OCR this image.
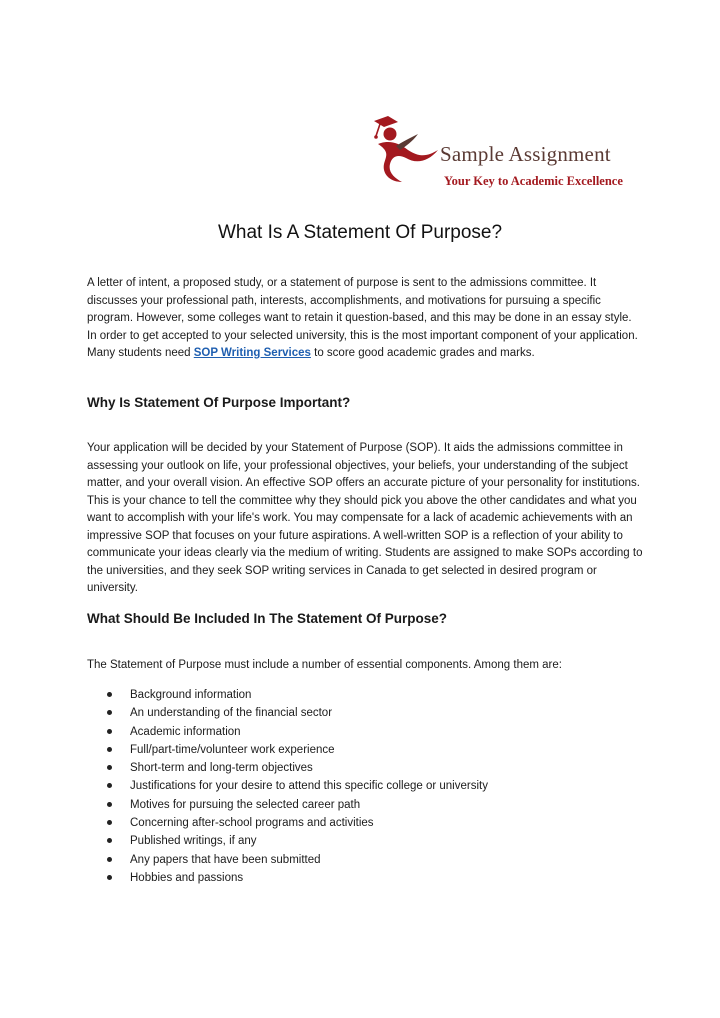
Sample Assignment
Your Key to Academic Excellence
What Is A Statement Of Purpose?

A letter of intent, a proposed study, or a statement of purpose is sent to the admissions committee. It discusses your professional path, interests, accomplishments, and motivations for pursuing a specific program. However, some colleges want to retain it question-based, and this may be done in an essay style. In order to get accepted to your selected university, this is the most important component of your application. Many students need SOP Writing Services to score good academic grades and marks.

Why Is Statement Of Purpose Important?

Your application will be decided by your Statement of Purpose (SOP). It aids the admissions committee in assessing your outlook on life, your professional objectives, your beliefs, your understanding of the subject matter, and your overall vision. An effective SOP offers an accurate picture of your personality for institutions. This is your chance to tell the committee why they should pick you above the other candidates and what you want to accomplish with your life's work. You may compensate for a lack of academic achievements with an impressive SOP that focuses on your future aspirations. A well-written SOP is a reflection of your ability to communicate your ideas clearly via the medium of writing. Students are assigned to make SOPs according to the universities, and they seek SOP writing services in Canada to get selected in desired program or university.

What Should Be Included In The Statement Of Purpose?

The Statement of Purpose must include a number of essential components. Among them are:

Background information
An understanding of the financial sector
Academic information
Full/part-time/volunteer work experience
Short-term and long-term objectives
Justifications for your desire to attend this specific college or university
Motives for pursuing the selected career path
Concerning after-school programs and activities
Published writings, if any
Any papers that have been submitted
Hobbies and passions
